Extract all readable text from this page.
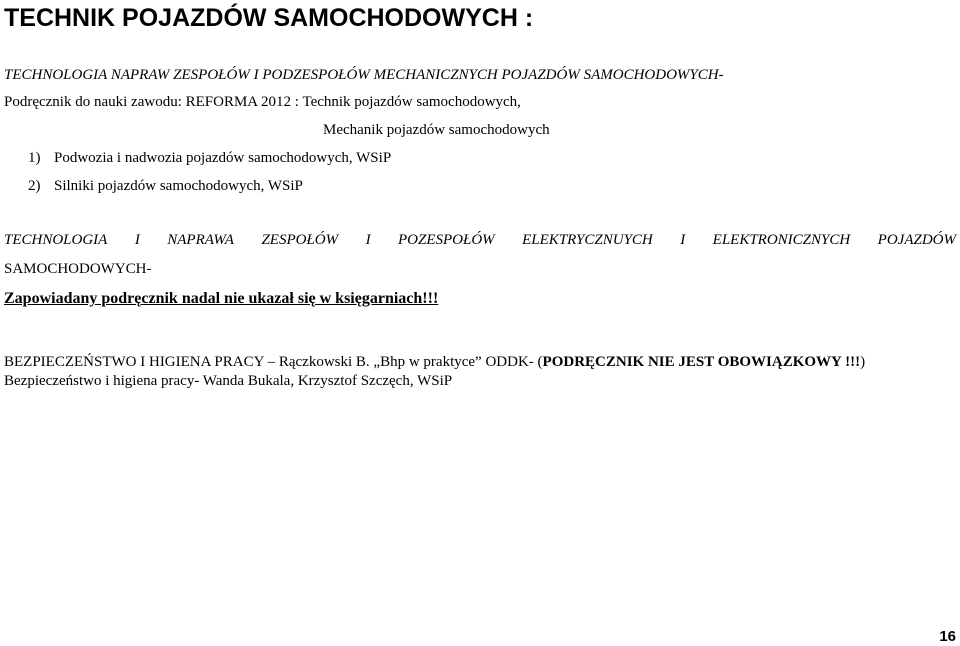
TECHNIK POJAZDÓW SAMOCHODOWYCH :
TECHNOLOGIA NAPRAW ZESPOŁÓW I PODZESPOŁÓW MECHANICZNYCH POJAZDÓW SAMOCHODOWYCH-
Podręcznik do nauki zawodu: REFORMA 2012 : Technik pojazdów samochodowych,
Mechanik pojazdów samochodowych
1) Podwozia i nadwozia pojazdów samochodowych, WSiP
2) Silniki pojazdów samochodowych, WSiP
TECHNOLOGIA I NAPRAWA ZESPOŁÓW I POZESPOŁÓW ELEKTRYCZNUYCH I ELEKTRONICZNYCH POJAZDÓW
SAMOCHODOWYCH-
Zapowiadany podręcznik nadal nie ukazał się w księgarniach!!!
BEZPIECZEŃSTWO I HIGIENA PRACY – Rączkowski B. „Bhp w praktyce” ODDK- (PODRĘCZNIK NIE JEST OBOWIĄZKOWY !!!)
Bezpieczeństwo i higiena pracy- Wanda Bukala, Krzysztof Szczęch, WSiP
16
